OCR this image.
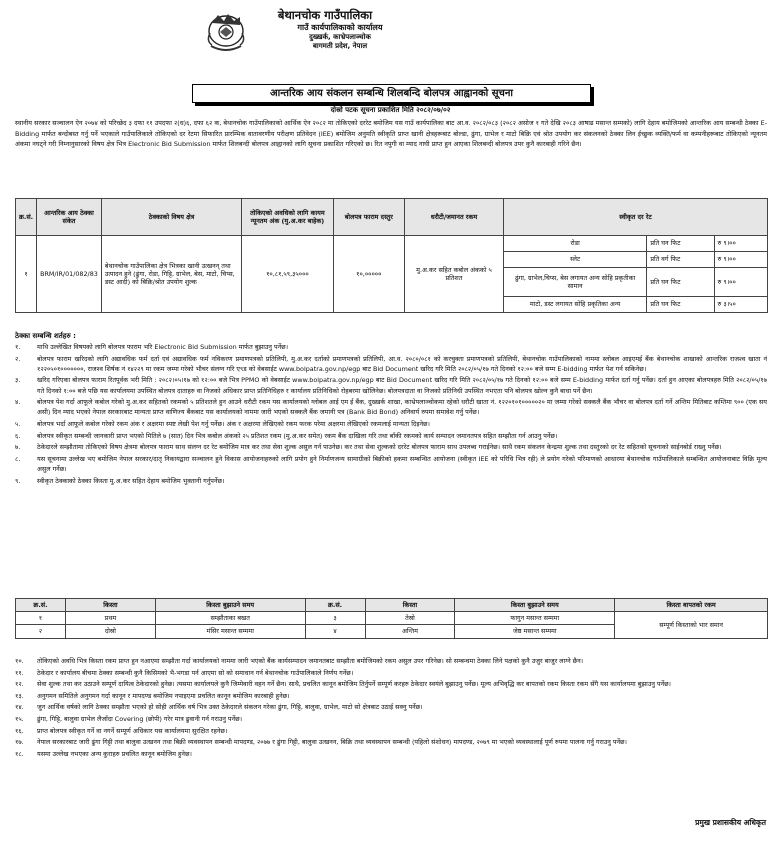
बेथानचोक गाउँपालिका
गाउँ कार्यपालिकाको कार्यालय
दुख्खर्क, काभ्रेपलाञ्चोक
बागमती प्रदेश, नेपाल
आन्तरिक आय संकलन सम्बन्धि शिलबन्दि बोलपत्र आह्वानको सूचना
दोस्रो पटक सूचना प्रकाशित मिति २०८२/०७/०२
स्थानीय सरकार सञ्चालन ऐन २०७४ को परिच्छेद ३ दफा ११ उपदफा २(ध)६, दफा ६२ क, बेथानचोक गाउँपालिकाको आर्थिक ऐन २०८२ मा तोकिएको दररेट बमोजिम यस गाउँ कार्यपालिका बाट आ.व. २०८२/०८३ (२०८२ असोज १ गते देखि २०८३ आषाढ मसान्त सम्मको) लागि देहाय बमोजिमको आन्तरिक आय सम्बन्धी ठेक्का E-Bidding मार्फत बन्दोबस्त गर्नु पर्ने भएकाले गाउँपालिकाले तोकिएको दर रेटमा सिफारित प्रारम्भिक वातावरणीय परीक्षण प्रतिवेदन (IEE) बमोजिम अनुमति स्वीकृति प्राप्त खानी क्षेत्रहरूबाट बोल्डा, ढुंगा, ग्राभेल र माटो बिक्रि एवं श्रोत उपयोग कर संकलनको ठेक्का लिन ईच्छुक व्यक्ति/फर्म वा कम्पनीहरूबाट तोकिएको न्यूनतम अंकमा नघट्ने गरी निम्नानुसारको विषय क्षेत्र भित्र Electronic Bid Submission मार्फत शिलबन्दी बोलपत्र आह्वानको लागि सूचना प्रकाशित गरिएको छ। रित नपुगी वा म्याद नाघी प्राप्त हुन आएका शिलबन्दी बोलपत्र उपर कुनै कारबाही गरिने छैन।
क्र.सं.	आन्तरिक आय ठेक्का संकेत	ठेक्काको विषय क्षेत्र	तोकिएको अवधिको लागि कायम न्यूनतम अंक (मु.अ.कर बाहेक)	बोलपत्र फाराम दस्तुर	धरौटी/जमानत रकम	स्वीकृत दर रेट		
१	BRM/IR/01/082/83	बेथानचोक गाउँपालिका क्षेत्र भित्रका खानी उत्खनन् तथा उत्पादन हुने (ढुंगा, रोडा, गिट्टि, ग्राभेल, बेस, माटो, चिप्स, डस्ट आदी) को बिक्रि/श्रोत उपयोग शुल्क	१०,८१,५९,३५०००	१०,०००००	मु.अ.कर सहित कबोल अंकको ५ प्रतिशत	रोडा	प्रति घन फिट	रु ९।००
						स्लेट	प्रति वर्ग फिट	रु ९।००
						ढुंगा, ग्राभेल,चिप्स, बेस लगायत अन्य सोहि प्रकृतीका सामान	प्रति घन फिट	रु ९।००
						माटो, डस्ट लगायत सोहि प्रकृतिका अन्य	प्रति घन फिट	रु ३।५०
ठेक्का सम्बन्धि शर्तहरु :
१.	माथि उल्लेखित विषयको लागि बोलपत्र फाराम भरि Electronic Bid Submission मार्फत बुझाउनु पर्नेछ।
२.	बोलपत्र फाराम खरिदको लागि अद्यावधिक फर्म दर्ता एवं अद्यावधिक फर्म नविकरण प्रमाणपत्रको प्रतिलिपी, मु.अ.कर दर्ताको प्रमाणपत्रको प्रतिलिपी, आ.व. २०८०/०८१ को करचुक्ता प्रमाणपत्रको प्रतिलिपी, बेथानचोक गाउँपालिकाको नाममा स्लोबल आइएमई बैंक बेथानचोक शाखाको आन्तरिक राजश्व खाता नं १२२०५०१०००००००, राजश्व शिर्षक नं १४२२९ मा रकम जम्मा गरेको भौचर संलग्न गरि ए९ड को वेबसाईट www.bolpatra.gov.np/egp बाट Bid Document खरिद गरि मिति २०८२/०५/१७ गते दिनको १२:०० बजे सम्म E-bidding मार्फत पेश गर्न सकिनेछ।
३.	खरिद गरिएका बोलपत्र फाराम रितपूर्वक भरी मिति : २०८२।०५।१७ को १२:०० बजे भित्र PPMO को वेबसाईट www.bolpatra.gov.np/egp बाट Bid Document खरिद गरि मिति २०८२/०५/१७ गते दिनको १२:०० बजे सम्म E-bidding मार्फत दर्ता गर्नु पर्नेछ। दर्ता हुन आएका बोलपत्रहरु मिति २०८२/०५/१७ गते दिनको १:०० बजे पछि यस कार्यालयमा उपस्थित बोलपत्र दाताहरु वा निजको अधिकार प्राप्त प्रतिनिधिहरु र कार्यालय प्रतिनिधिको रोहबरमा खोलिनेछ। बोलपत्रदाता वा निजको प्रतिनिधी उपस्थित नभएता पनि बोलपत्र खोल्न कुनै बाधा पर्ने छैन।
४.	बोलपत्र पेश गर्दा आफूले कबोल गरेको मु.अ.कर सहितको रकमको ५ प्रतिशतले हुन आउने धरौटी रकम यस कार्यालयको ग्लोबल आई एम ई बैंक, दुख्खर्क शाखा, काभ्रेपलाञ्चोकमा रहेको धरौटी खाता नं. १२२०१०१०००००२० मा जम्मा गरेको सक्कलै बैंक भौचर वा बोलपत्र दर्ता गर्ने अन्तिम मितिबाट कम्तिमा ९०० (एक सय असी) दिन म्याद भएको नेपाल सरकारबाट मान्यता प्राप्त वाणिज्य बैंकबाट यस कार्यालयको नाममा जारी भएको सक्कलै बैंक जमानी पत्र (Bank Bid Bond) अनिवार्य रुपमा समावेश गर्नु पर्नेछ।
५.	बोलपत्र भर्दा आफूले कबोल गरेको रकम अंक र अक्षरमा स्पष्ट लेखी पेश गर्नु पर्नेछ। अंक र अक्षरमा लेखिएको रकम फरक परेमा अक्षरमा लेखिएको रकमलाई मान्यता दिइनेछ।
६.	बोलपत्र स्वीकृत सम्बन्धी जानकारी प्राप्त भएको मितिले ७ (सात) दिन भित्र कबोल अंकको २५ प्रतिशत रकम (मु.अ.कर समेत) रकम बैंक दाखिला गरि तथा बाँकी रकमको कार्य सम्पादन जमानतपत्र सहित सम्झौता गर्न आउनु पर्नेछ।
७.	ठेकेदारले सम्झौतामा तोकिएको विषय क्षेत्रमा बोलपत्र फाराम साथ संलग्न दर रेट बमोजिम मात्र कर तथा सेवा शुल्क असुल गर्न पाउनेछ। कर तथा सेवा शुल्कको दररेट बोलपत्र फाराम साथ उपलब्ध गराईनेछ। साथै रकम संकलन केन्द्रमा शुल्क तथा दस्तुरको दर रेट सहितको सूचनाको साईनबोर्ड राख्नु पर्नेछ।
८.	यस सूचनामा उल्लेख भए बमोजिम नेपाल सरकार/दातृ निकायद्वारा सञ्चालन हुने विकास आयोजनाहरुको लागि प्रयोग हुने निर्माणजन्य सामाग्रीको बिक्रीको हकमा सम्बन्धित आयोजना (स्वीकृत IEE को परिधि भित्र रही) ले प्रयोग गरेको परिमाणको आधारमा बेथानचोक गाउँपालिकाले सम्बन्धित आयोजनाबाट विक्रि मूल्य असुल गर्नेछ।
९.	स्वीकृत ठेक्काको ठेक्का किस्ता मु.अ.कर सहित देहाय बमोजिम भुक्तानी गर्नुपर्नेछ।
क्र.सं.	किस्ता	किस्ता बुझाउने समय	क्र.सं.	किस्ता	किस्ता बुझाउने समय	किस्ता बापतको रकम
१	प्रथम	सम्झौताका बखत	३	तेस्रो	फागुन मसान्त सम्ममा	सम्पूर्ण किस्ताको भार समान
२	दोस्रो	मंसिर मसान्त सम्ममा	४	अन्तिम	जेष्ठ मसान्त सम्ममा	
१०. तोकिएको अवधि भित्र किस्ता रकम प्राप्त हुन नआएमा सम्झौता गर्दा कार्यालयको नाममा जारी भएको बैंक कार्यसम्पादन जमानतबाट सम्झौता बमोजिमको रकम असुल उपर गरिनेछ। सो सम्बन्धमा ठेक्का लिने पक्षको कुनै उजुर बाजुर लाग्ने छैन।
११. ठेकेदार र कार्यालय बीचमा ठेक्का सम्बन्धी कुनै किसिमको भै-भगडा पर्न आएमा सो को समाधान गर्न बेथानचोक गाउँपालिकाले निर्णय गर्नेछ।
१२. सेवा शुल्क तथा कर उठाउने सम्पूर्ण दायित्व ठेकेदारको हुनेछ। त्यसमा कार्यालयले कुनै जिम्मेवारी वहन गर्ने छैन। साथै, प्रचलित कानून बमोजिम तिर्नुपर्ने सम्पूर्ण करहरु ठेकेदार स्वयंले बुझाउनु पर्नेछ। मूल्य अभिवृद्धि कर बापतको रकम किस्ता रकम सँगै यस कार्यालयमा बुझाउनु पर्नेछ।
१३. अनुगमन समितिले अनुगमन गर्दा कानून र मापदण्ड बमोजिम नपाइएमा प्रचलित कानून बमोजिम कारबाही हुनेछ।
१४. जुन आर्थिक वर्षको लागि ठेक्का सम्झौता भएको हो सोही आर्थिक वर्ष भित्र उक्त ठेकेदारले संकलन गरेका ढुंगा, गिट्टि, बालुवा, ग्राभेल, माटो सो क्षेत्रबाट उठाई सक्नु पर्नेछ।
१५. ढुंगा, गिट्टि, बालुवा ग्राभेल लैजाँदा Covering (छोपी) गरेर मात्र ढुवानी गर्न गराउनु पर्नेछ।
१६. प्राप्त बोलपत्र स्वीकृत गर्ने वा नगर्ने सम्पूर्ण अधिकार यस कार्यालयमा सुरक्षित रहनेछ।
१७. नेपाल सरकारबाट जारी ढुंगा गिट्टी तथा बालुवा उत्खनन तथा बिक्री व्यवस्थापन सम्बन्धी मापदण्ड, २०७७ र ढुंगा गिट्टी, बालुवा उत्खनन, बिक्रि तथा व्यवस्थापन सम्बन्धी (पहिलो संशोधन) मापदण्ड, २०७९ मा भएको व्यवस्थालाई पूर्ण रुपमा पालना गर्नु गराउनु पर्नेछ।
१८. यसमा उल्लेख नभएका अन्य कुराहरु प्रचलित कानून बमोजिम हुनेछ।
प्रमुख प्रशासकीय अधिकृत
